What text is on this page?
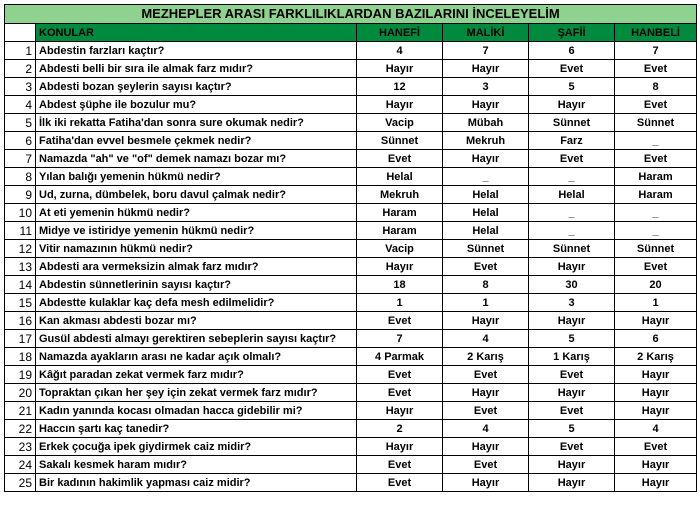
MEZHEPLER ARASI FARKLILIKLARDAN BAZILARINI İNCELEYELİM					
	KONULAR	HANEFİ	MALİKİ	ŞAFİİ	HANBELİ
1	Abdestin farzları kaçtır?	4	7	6	7
2	Abdesti belli bir sıra ile almak farz mıdır?	Hayır	Hayır	Evet	Evet
3	Abdesti bozan şeylerin sayısı kaçtır?	12	3	5	8
4	Abdest şüphe ile bozulur mu?	Hayır	Hayır	Hayır	Evet
5	İlk iki rekatta Fatiha'dan sonra sure okumak nedir?	Vacip	Mübah	Sünnet	Sünnet
6	Fatiha'dan evvel besmele çekmek nedir?	Sünnet	Mekruh	Farz	_
7	Namazda "ah" ve "of" demek namazı bozar mı?	Evet	Hayır	Evet	Evet
8	Yılan balığı yemenin hükmü nedir?	Helal	_	_	Haram
9	Ud, zurna, dümbelek, boru davul çalmak nedir?	Mekruh	Helal	Helal	Haram
10	At eti yemenin hükmü nedir?	Haram	Helal	_	_
11	Midye ve istiridye yemenin hükmü nedir?	Haram	Helal	_	_
12	Vitir namazının hükmü nedir?	Vacip	Sünnet	Sünnet	Sünnet
13	Abdesti ara vermeksizin almak farz mıdır?	Hayır	Evet	Hayır	Evet
14	Abdestin sünnetlerinin sayısı kaçtır?	18	8	30	20
15	Abdestte kulaklar kaç defa mesh edilmelidir?	1	1	3	1
16	Kan akması abdesti bozar mı?	Evet	Hayır	Hayır	Hayır
17	Gusül abdesti almayı gerektiren sebeplerin sayısı kaçtır?	7	4	5	6
18	Namazda ayakların arası ne kadar açık olmalı?	4 Parmak	2 Karış	1 Karış	2 Karış
19	Kâğıt paradan zekat vermek farz mıdır?	Evet	Evet	Evet	Hayır
20	Topraktan çıkan her şey için zekat vermek farz mıdır?	Evet	Hayır	Hayır	Hayır
21	Kadın yanında kocası olmadan hacca gidebilir mi?	Hayır	Evet	Evet	Hayır
22	Haccın şartı kaç tanedir?	2	4	5	4
23	Erkek çocuğa ipek giydirmek caiz midir?	Hayır	Hayır	Evet	Evet
24	Sakalı kesmek haram mıdır?	Evet	Evet	Hayır	Hayır
25	Bir kadının hakimlik yapması caiz midir?	Evet	Hayır	Hayır	Hayır
